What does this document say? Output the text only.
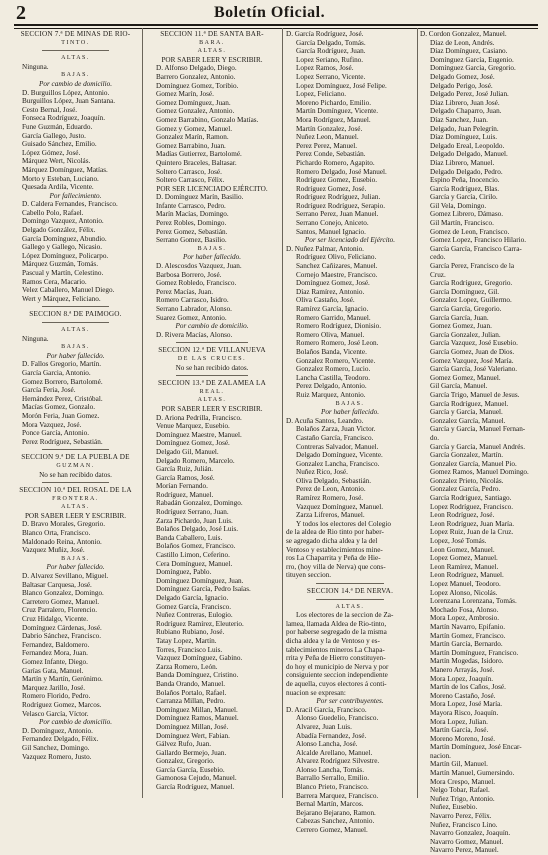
2	Boletín Oficial.
SECCION 7.ª DE MINAS DE RIO-
TINTO.
ALTAS.
Ninguna.
BAJAS.
Por cambio de domicilio.
D. Burguillos López, Antonio.
Burguillos López, Juan Santana.
Cesto Bernal, José.
Fonseca Rodríguez, Joaquín.
Fune Guzmán, Eduardo.
García Gallego, Justo.
Guisado Sánchez, Emilio.
López Gómez, José.
Márquez Wert, Nicolás.
Márquez Domínguez, Matías.
Morto y Esteban, Luciano.
Quesada Ardila, Vicente.
Por fallecimiento.
D. Caldera Fernandes, Francisco.
Cabello Polo, Rafael.
Domingo Vazquez, Antonio.
Delgado González, Félix.
García Domínguez, Abundio.
Gallego y Gallego, Nicasio.
López Domínguez, Policarpo.
Márquez Guzmán, Tomás.
Pascual y Martín, Celestino.
Ramos Cera, Macario.
Velez Caballero, Manuel Diego.
Wert y Márquez, Feliciano.
SECCION 8.ª DE PAIMOGO.
ALTAS.
Ninguna.
BAJAS.
Por haber fallecido.
D. Fallos Gregorio, Martín.
García Garcia, Antonio.
Gomez Borrero, Bartolomé.
García Feria, José.
Hernández Perez, Cristóbal.
Macías Gomez, Gonzalo.
Morón Feria, Juan Gomez.
Mora Vazquez, José.
Ponce García, Antonio.
Perez Rodríguez, Sebastián.
SECCION 9.ª DE LA PUEBLA DE
GUZMAN.
No se han recibido datos.
SECCION 10.ª DEL ROSAL DE LA
FRONTERA.
ALTAS.
POR SABER LEER Y ESCRIBIR.
D. Bravo Morales, Gregorio.
Blanco Orta, Francisco.
Maldonado Reina, Antonio.
Vazquez Muñiz, José.
BAJAS.
Por haber fallecido.
D. Alvarez Sevillano, Miguel.
Baltasar Carquesa, José.
Blanco Gonzalez, Domingo.
Carretero Gomez, Manuel.
Cruz Parralero, Florencio.
Cruz Hidalgo, Vicente.
Domínguez Cárdenas, José.
Dabrio Sánchez, Francisco.
Fernandez, Baldomero.
Fernandez Mora, Juan.
Gomez Infante, Diego.
Garías Gata, Manuel.
Martín y Martín, Gerónimo.
Marquez Jarillo, José.
Romero Florido, Pedro.
Rodríguez Gomez, Marcos.
Velasco García, Víctor.
Por cambio de domicilio.
D. Domínguez, Antonio.
Fernandez Delgado, Félix.
Gil Sanchez, Domingo.
Vazquez Romero, Justo.
SECCION 11.ª DE SANTA BAR-
BARA.
ALTAS.
POR SABER LEER Y ESCRIBIR.
D. Alfonso Delgado, Diego.
Barrero Gonzalez, Antonio.
Domínguez Gomez, Toribio.
Gomez Marín, José.
Gomez Domínguez, Juan.
Gomez Gonzalez, Antonio.
Gomez Barrabino, Gonzalo Matías.
Gomez y Gomez, Manuel.
Gonzalez Marín, Ramon.
Gomez Barrabino, Juan.
Madías Gutierrez, Bartolomé.
Quintero Braceles, Baltasar.
Soltero Carrasco, José.
Soltero Carrasco, Félix.
POR SER LICENCIADO EJÉRCITO.
D. Domínguez Marín, Basilio.
Infante Carrasco, Pedro.
Marín Macías, Domingo.
Perez Robles, Domingo.
Perez Gomez, Sebastián.
Serrano Gomez, Basilio.
BAJAS.
Por haber fallecido.
D. Alescosdos Vazquez, Juan.
Barbosa Borrero, José.
Gomez Robledo, Francisco.
Perez Macías, Juan.
Romero Carrasco, Isidro.
Serrano Labrador, Alonso.
Suarez Gomez, Antonio.
Por cambio de domicilio.
D. Rivera Macías, Alonso.
SECCION 12.ª DE VILLANUEVA
DE LAS CRUCES.
No se han recibido datos.
SECCION 13.ª DE ZALAMEA LA
REAL.
ALTAS.
POR SABER LEER Y ESCRIBIR.
D. Ariona Pedrilla, Francisco.
Venue Marquez, Eusebio.
Domínguez Maestre, Manuel.
Domínguez Gomez, José.
Delgado Gil, Manuel.
Delgado Romero, Marcelo.
García Ruiz, Julián.
García Ramos, José.
Morían Fernando.
Rodríguez, Manuel.
Rabadán Gonzalez, Domingo.
Rodríguez Serrano, Juan.
Zarza Pichardo, Juan Luis.
Bolaños Delgado, José Luis.
Banda Caballero, Luis.
Bolaños Gomez, Francisco.
Castillo Limon, Ceferino.
Cera Domínguez, Manuel.
Domínguez, Pablo.
Domínguez Domínguez, Juan.
Domínguez García, Pedro Isaías.
Delgado García, Ignacio.
Gomez García, Francisco.
Nuñez Contreras, Eulogio.
Rodríguez Ramírez, Eleuterio.
Rubiano Rubiano, José.
Tatay Lopez, Martín.
Torres, Francisco Luis.
Vazquez Domínguez, Gabino.
Zarza Romero, León.
Banda Domínguez, Cristino.
Banda Orando, Manuel.
Bolaños Portalo, Rafael.
Carranza Millan, Pedro.
Domínguez Millan, Manuel.
Domínguez Ramos, Manuel.
Domínguez Millan, José.
Domínguez Wert, Fabian.
Gálvez Rufo, Juan.
Gallardo Bermejo, Juan.
Gonzalez, Gregorio.
García García, Eusebio.
Gamonosa Cejudo, Manuel.
García Rodríguez, Manuel.
D. García Rodríguez, José.
García Delgado, Tomás.
García Rodríguez, Juan.
Lopez Seriano, Rufino.
Lopez Ramos, José.
Lopez Serrano, Vicente.
Lopez Domínguez, José Felipe.
Lopez, Feliciano.
Moreno Pichardo, Emilio.
Martín Domínguez, Vicente.
Mora Rodríguez, Manuel.
Martín Gonzalez, José.
Nuñez Leon, Manuel.
Perez Perez, Manuel.
Perez Conde, Sebastián.
Pichardo Romero, Agapito.
Romero Delgado, José Manuel.
Rodríguez Gomez, Eusebio.
Rodríguez Gomez, José.
Rodríguez Rodríguez, Julian.
Rodríguez Rodríguez, Serapio.
Serrano Perez, Juan Manuel.
Serrano Conejo, Aniceto.
Santos, Manuel Ignacio.
Por ser licenciado del Ejército.
D. Nuñez Palmar, Antonio.
Rodríguez Olivo, Feliciano.
Sanchez Cañizares, Manuel.
Cornejo Maestre, Francisco.
Domínguez Gomez, José.
Díaz Ramírez, Antonio.
Oliva Castaño, José.
Ramírez García, Ignacio.
Romero Garrido, Manuel.
Romero Rodríguez, Dionisio.
Romero Oliva, Manuel.
Romero Romero, José Leon.
Bolaños Banda, Vicente.
Gonzalez Romero, Vicente.
Gonzalez Romero, Lucio.
Lancha Castilla, Teodoro.
Perez Delgado, Antonio.
Ruiz Marquez, Antonio.
BAJAS.
Por haber fallecido.
D. Acuña Santos, Leandro.
Bolaños Zarza, Juan Victor.
Castaño García, Francisco.
Contreras Salvador, Manuel.
Delgado Domínguez, Vicente.
Gonzalez Lancha, Francisco.
Nuñez Rico, José.
Oliva Delgado, Sebastián.
Perez de Leon, Antonio.
Ramírez Romero, José.
Vazquez Domínguez, Manuel.
Zarza Lifreros, Manuel.
Y todos los electores del Colegio
de la aldea de Rio tinto por haber-
se agregado dicha aldea y la del
Ventoso y establecimientos mine-
ros La Chaparrita y Peña de Hie-
rro, (hoy villa de Nerva) que cons-
tituyen seccion.
SECCION 14.ª DE NERVA.
ALTAS.
Los electores de la seccion de Za-
lamea, llamada Aldea de Rio-tinto,
por haberse segregado de la misma
dicha aldea y la de Ventoso y es-
tablecimientos mineros La Chapa-
rrita y Peña de Hierro constituyen-
do hoy el municipio de Nerva y por
consiguiente seccion independiente
de aquella, cuyos electores á conti-
nuacion se expresan:
Por ser contribuyentes.
D. Aracil García, Francisco.
Alonso Guedelio, Francisco.
Alvarez, Juan Luis.
Abadía Fernandez, José.
Alonso Lancha, José.
Alcalde Arellano, Manuel.
Alvarez Rodríguez Silvestre.
Alonso Lancha, Tomás.
Barrallo Serrallo, Emilio.
Blanco Prieto, Francisco.
Barrera Marquez, Francisco.
Bernal Martín, Marcos.
Bejarano Bejarano, Ramon.
Cabezas Sanchez, Antonio.
Cerrero Gomez, Manuel.
D. Cordon Gonzalez, Manuel.
Díaz de Leon, Andrés.
Díaz Domínguez, Casiano.
Domínguez García, Eugenio.
Domínguez García, Gregorio.
Delgado Gomez, José.
Delgado Perigo, José.
Delgado Perez, José Julian.
Díaz Librero, Juan José.
Delgado Chaparro, Juan.
Díaz Sanchez, Juan.
Delgado, Juan Pelegrín.
Díaz Domínguez, Luis.
Delgado Ereal, Leopoldo.
Delgado Delgado, Manuel.
Díaz Librero, Manuel.
Delgado Delgado, Pedro.
Espino Peña, Inocencio.
García Rodríguez, Blas.
García y García, Cirilo.
Gil Vela, Domingo.
Gomez Librero, Dámaso.
Gil Martín, Francisco.
Gomez de Leon, Francisco.
Gomez Lopez, Francisco Hilario.
García García, Francisco Carra-
cedo.
García Perez, Francisco de la
Cruz.
García Rodríguez, Gregorio.
García Domínguez, Gil.
Gonzalez Lopez, Guillermo.
García García, Gregorio.
García García, Juan.
Gomez Gomez, Juan.
García Gonzalez, Julian.
García Vazquez, José Eusebio.
García Gomez, Juan de Dios.
Gomez Vazquez, José María.
García García, José Valeriano.
Gomez Gomez, Manuel.
Gil García, Manuel.
García Trigo, Manuel de Jesus.
García Rodríguez, Manuel.
García y García, Manuel.
Gonzalez García, Manuel.
García y García, Manuel Fernan-
do.
García y García, Manuel Andrés.
García Gonzalez, Martín.
Gonzalez García, Manuel Pio.
Gomez Ramos, Manuel Domingo.
Gonzalez Prieto, Nicolás.
Gonzalez García, Pedro.
García Rodríguez, Santiago.
Lopez Rodríguez, Francisco.
Leon Rodríguez, José.
Leon Rodríguez, Juan María.
Lopez Ruiz, Juan de la Cruz.
Lopez, José Tomás.
Leon Gomez, Manuel.
Lopez Gomez, Manuel.
Leon Ramírez, Manuel.
Leon Rodríguez, Manuel.
Lopez Manuel, Teodoro.
Lopez Alonso, Nicolás.
Lorenzana Lorenzana, Tomás.
Mochado Fosa, Alonso.
Mora Lopez, Ambrosio.
Martín Navarro, Epifanio.
Martín Gomez, Francisco.
Martín García, Bernardo.
Martín Domínguez, Francisco.
Martín Mogedas, Isidoro.
Manero Arrayás, José.
Mora Lopez, Joaquín.
Martín de los Caños, José.
Moreno Castaño, José.
Mora Lopez, José María.
Mayora Risco, Joaquín.
Mora Lopez, Julian.
Martín García, José.
Moreno Moreno, José.
Martín Domínguez, José Encar-
nacion.
Martín Gil, Manuel.
Martín Manuel, Gumersindo.
Mora Crespo, Manuel.
Nelgo Tobar, Rafael.
Nuñez Trigo, Antonio.
Nuñez, Eusebio.
Navarro Perez, Félix.
Nuñez, Francisco Lino.
Navarro Gonzalez, Joaquín.
Navarro Gomez, Manuel.
Navarro Perez, Manuel.
